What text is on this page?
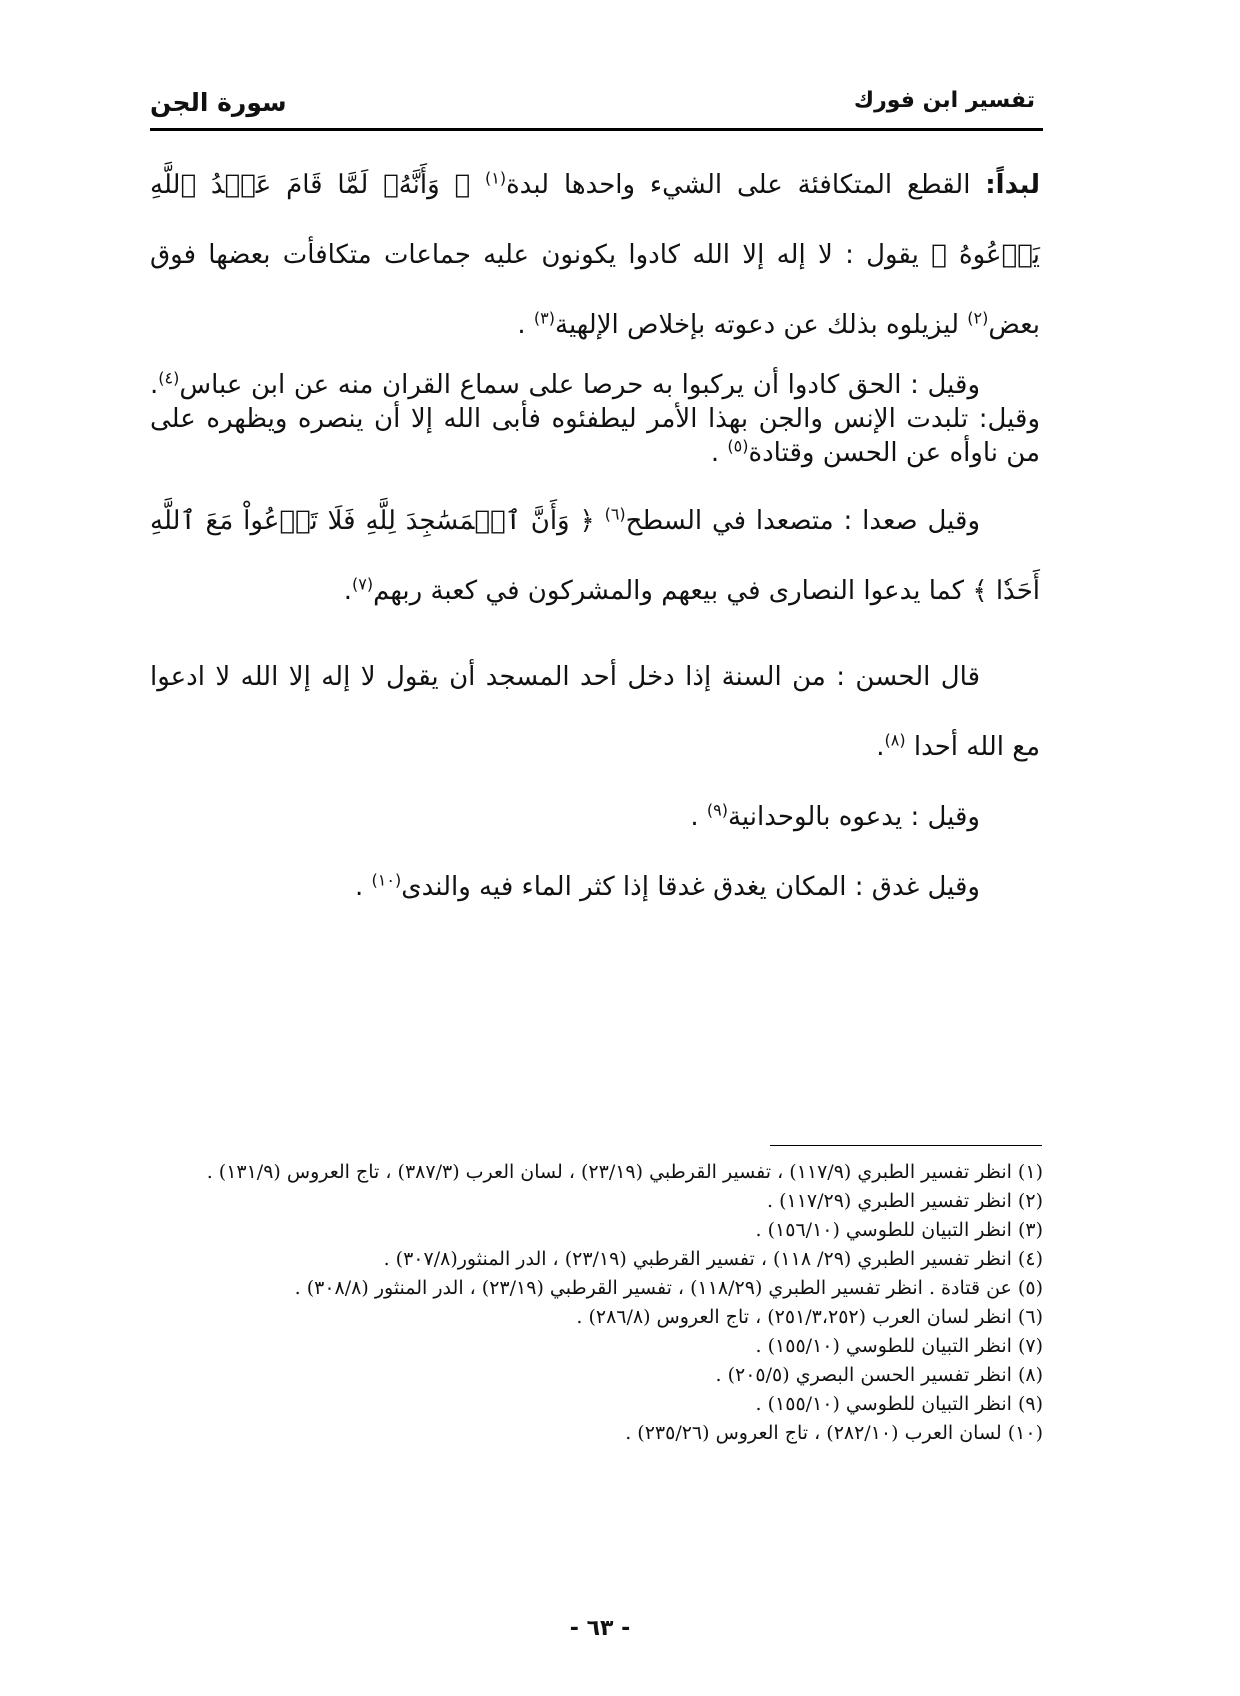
تفسير ابن فورك
سورة الجن

لبداً: القطع المتكافئة على الشيء واحدها لبدة$^{(١)}$ ﴿ وَأَنَّهُۥ لَمَّا قَامَ عَبۡدُ ٱللَّهِ يَدۡعُوهُ ﴾ يقول : لا إله إلا الله كادوا يكونون عليه جماعات متكافأت بعضها فوق بعض$^{(٢)}$ ليزيلوه بذلك عن دعوته بإخلاص الإلهية$^{(٣)}$ .

وقيل : الحق كادوا أن يركبوا به حرصا على سماع القران منه عن ابن عباس$^{(٤)}$. وقيل: تلبدت الإنس والجن بهذا الأمر ليطفئوه فأبى الله إلا أن ينصره ويظهره على من ناوأه عن الحسن وقتادة$^{(٥)}$ .

وقيل صعدا : متصعدا في السطح$^{(٦)}$ ﴿ وَأَنَّ ٱلۡمَسَٰجِدَ لِلَّهِ فَلَا تَدۡعُواْ مَعَ ٱللَّهِ أَحَدٗا ﴾ كما يدعوا النصارى في بيعهم والمشركون في كعبة ربهم$^{(٧)}$.

قال الحسن : من السنة إذا دخل أحد المسجد أن يقول لا إله إلا الله لا ادعوا مع الله أحدا $^{(٨)}$.

وقيل : يدعوه بالوحدانية$^{(٩)}$ .

وقيل غدق : المكان يغدق غدقا إذا كثر الماء فيه والندى$^{(١٠)}$ .

(١) انظر تفسير الطبري (١١٧/٩) ، تفسير القرطبي (٢٣/١٩) ، لسان العرب (٣٨٧/٣) ، تاج العروس (١٣١/٩) .
(٢) انظر تفسير الطبري (١١٧/٢٩) .
(٣) انظر التبيان للطوسي (١٥٦/١٠) .
(٤) انظر تفسير الطبري (٢٩/ ١١٨) ، تفسير القرطبي (٢٣/١٩) ، الدر المنثور(٣٠٧/٨) .
(٥) عن قتادة . انظر تفسير الطبري (١١٨/٢٩) ، تفسير القرطبي (٢٣/١٩) ، الدر المنثور (٣٠٨/٨) .
(٦) انظر لسان العرب (٢٥١/٣،٢٥٢) ، تاج العروس (٢٨٦/٨) .
(٧) انظر التبيان للطوسي (١٥٥/١٠) .
(٨) انظر تفسير الحسن البصري (٢٠٥/٥) .
(٩) انظر التبيان للطوسي (١٥٥/١٠) .
(١٠) لسان العرب (٢٨٢/١٠) ، تاج العروس (٢٣٥/٢٦) .
- ٦٣ -
